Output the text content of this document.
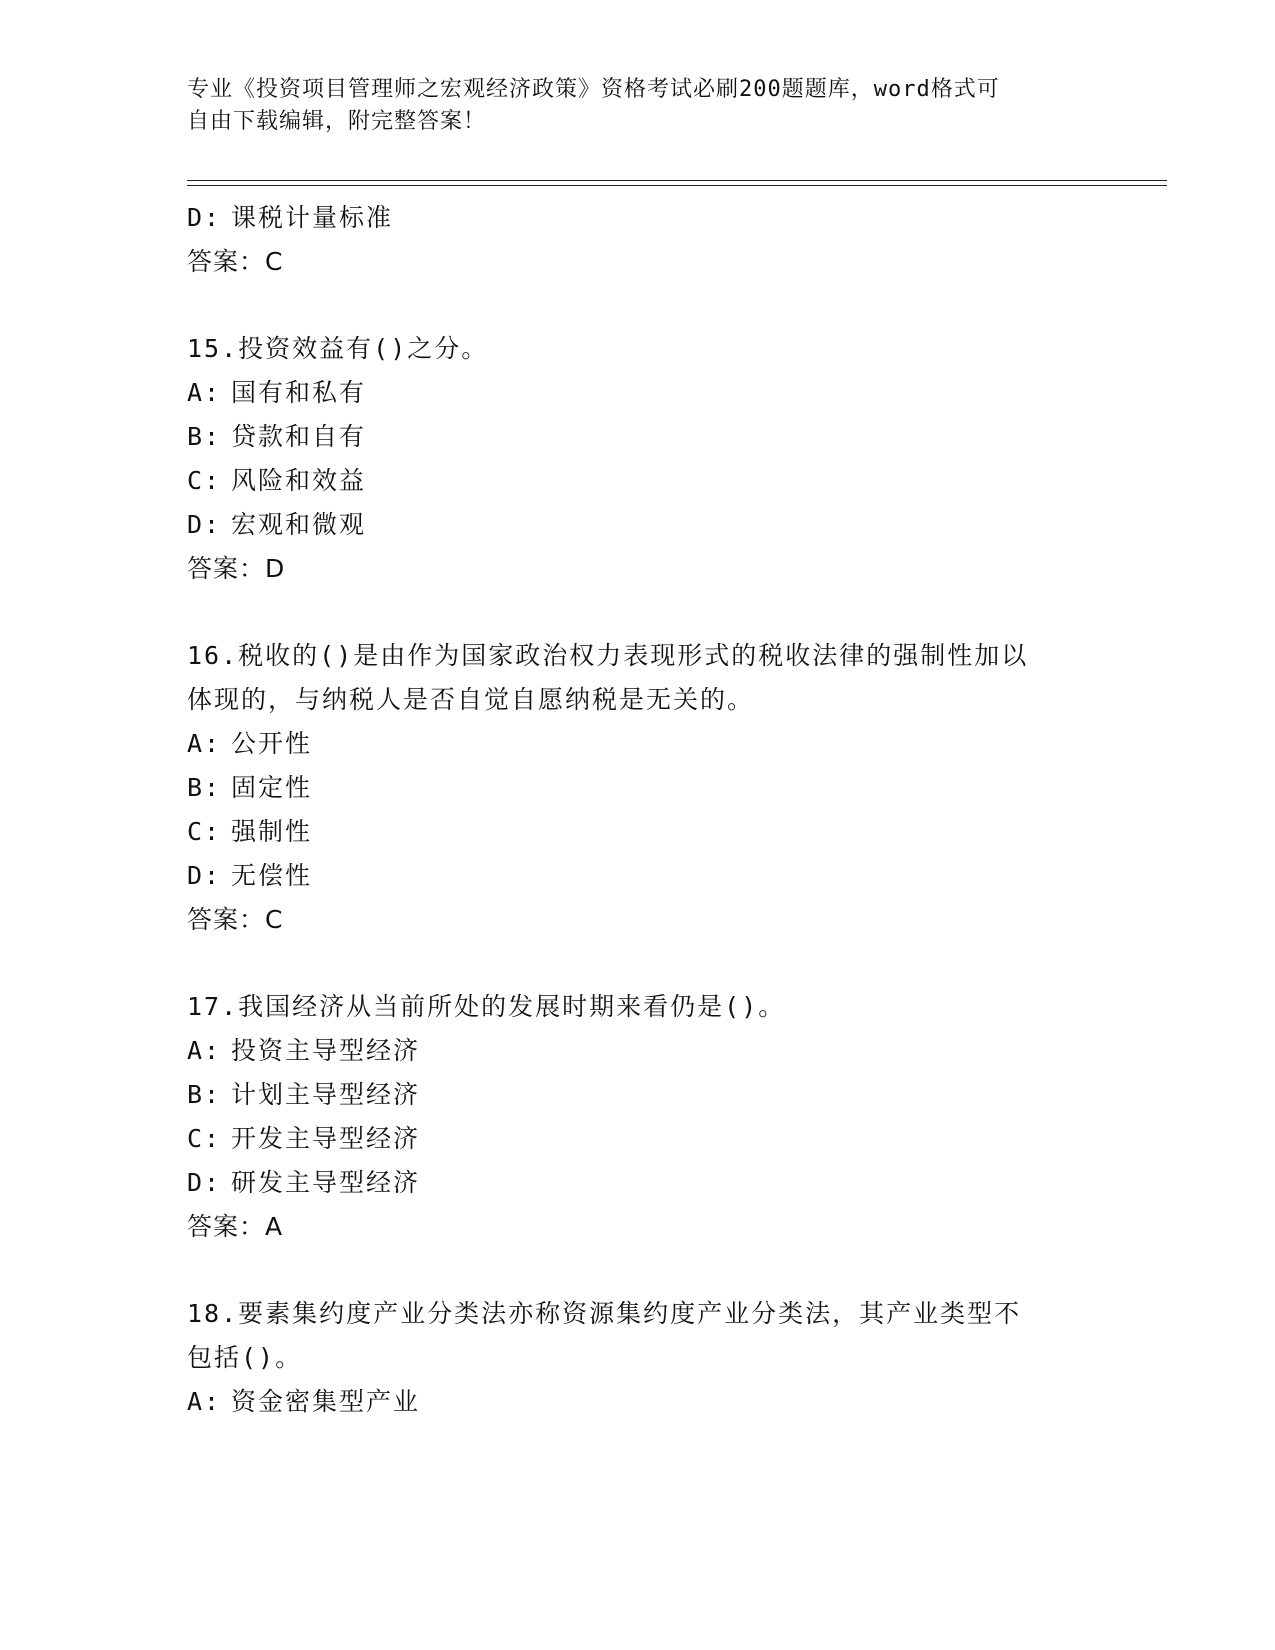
专业《投资项目管理师之宏观经济政策》资格考试必刷200题题库，word格式可
自由下载编辑，附完整答案！
D: 课税计量标准
答案：C
15.投资效益有()之分。
A: 国有和私有
B: 贷款和自有
C: 风险和效益
D: 宏观和微观
答案：D
16.税收的()是由作为国家政治权力表现形式的税收法律的强制性加以
体现的，与纳税人是否自觉自愿纳税是无关的。
A: 公开性
B: 固定性
C: 强制性
D: 无偿性
答案：C
17.我国经济从当前所处的发展时期来看仍是()。
A: 投资主导型经济
B: 计划主导型经济
C: 开发主导型经济
D: 研发主导型经济
答案：A
18.要素集约度产业分类法亦称资源集约度产业分类法，其产业类型不
包括()。
A: 资金密集型产业
